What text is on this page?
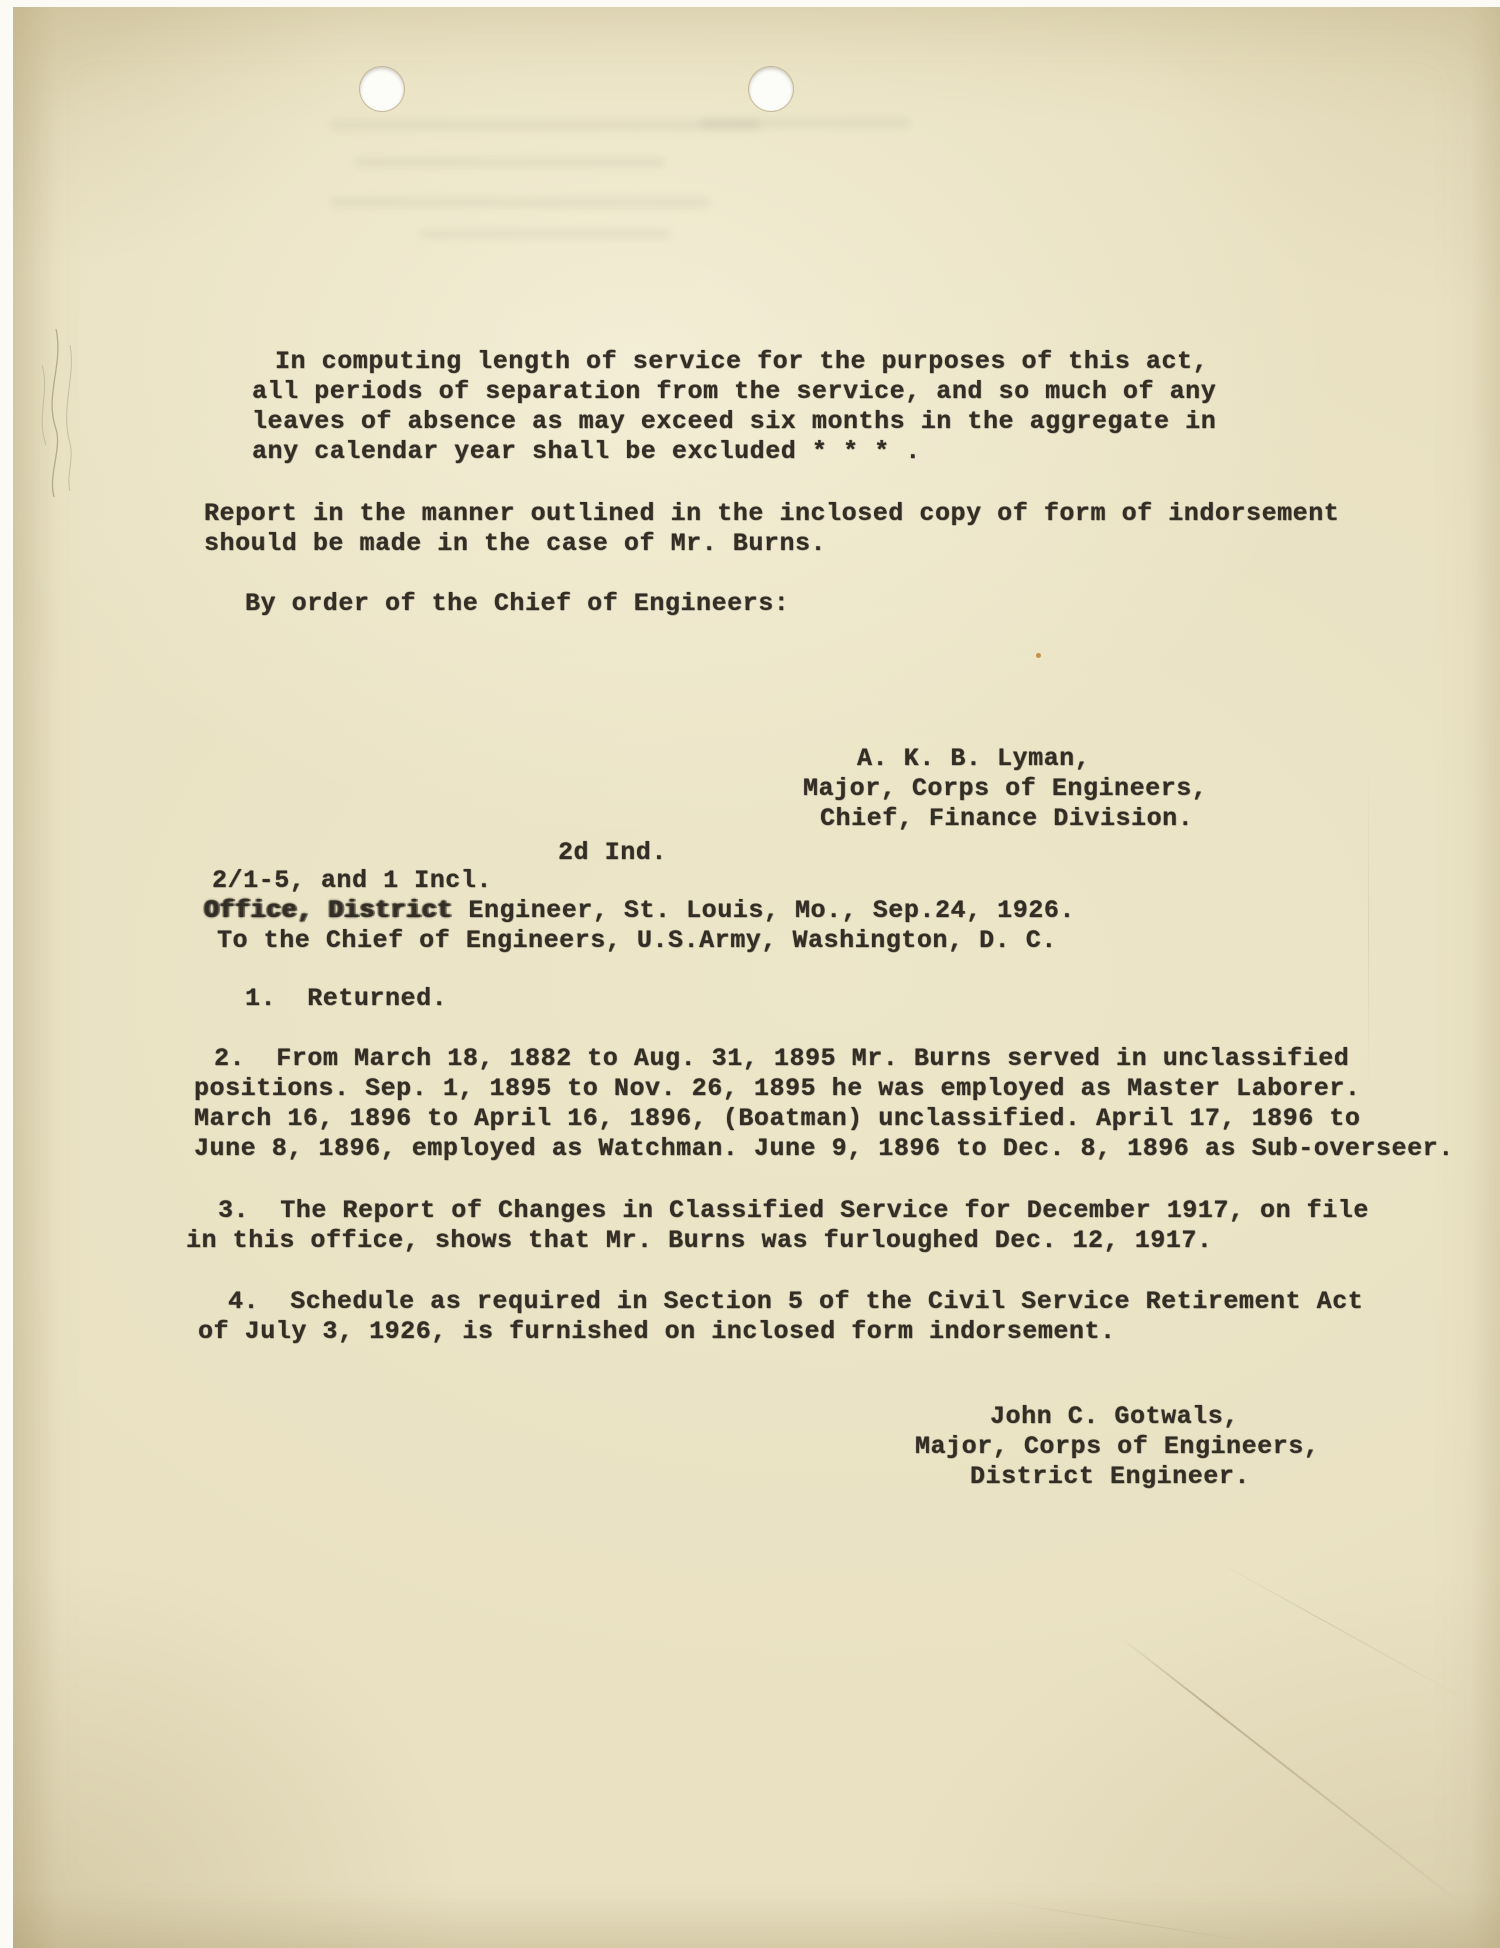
In computing length of service for the purposes of this act,
all periods of separation from the service, and so much of any
leaves of absence as may exceed six months in the aggregate in
any calendar year shall be excluded * * * .
Report in the manner outlined in the inclosed copy of form of indorsement
should be made in the case of Mr. Burns.
By order of the Chief of Engineers:
A. K. B. Lyman,
Major, Corps of Engineers,
Chief, Finance Division.
2d Ind.
2/1-5, and 1 Incl.
Office, District Engineer, St. Louis, Mo., Sep.24, 1926.
To the Chief of Engineers, U.S.Army, Washington, D. C.
1.  Returned.
2.  From March 18, 1882 to Aug. 31, 1895 Mr. Burns served in unclassified
positions. Sep. 1, 1895 to Nov. 26, 1895 he was employed as Master Laborer.
March 16, 1896 to April 16, 1896, (Boatman) unclassified. April 17, 1896 to
June 8, 1896, employed as Watchman. June 9, 1896 to Dec. 8, 1896 as Sub-overseer.
3.  The Report of Changes in Classified Service for December 1917, on file
in this office, shows that Mr. Burns was furloughed Dec. 12, 1917.
4.  Schedule as required in Section 5 of the Civil Service Retirement Act
of July 3, 1926, is furnished on inclosed form indorsement.
John C. Gotwals,
Major, Corps of Engineers,
District Engineer.
